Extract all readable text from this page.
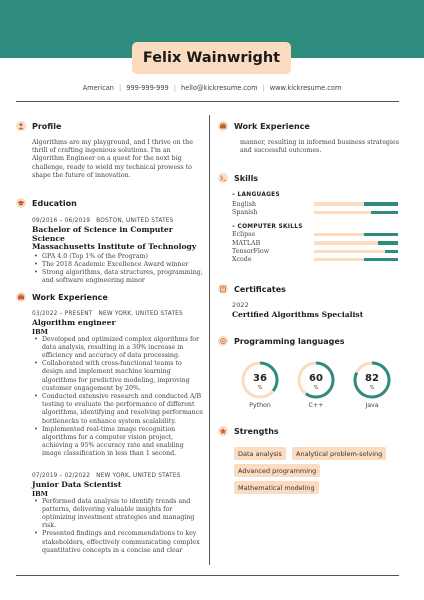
Felix Wainwright
American | 999-999-999 | hello@kickresume.com | www.kickresume.com
Profile
Algorithms are my playground, and I thrive on the thrill of crafting ingenious solutions. I'm an Algorithm Engineer on a quest for the next big challenge, ready to wield my technical prowess to shape the future of innovation.
Education
09/2016 – 06/2019 BOSTON, UNITED STATES
Bachelor of Science in Computer Science
Massachusetts Institute of Technology
• GPA 4.0 (Top 1% of the Program)
• The 2018 Academic Excellence Award winner
• Strong algorithms, data structures, programming, and software engineering minor
Work Experience
03/2022 – PRESENT NEW YORK, UNITED STATES
Algorithm engineer
IBM
• Developed and optimized complex algorithms for data analysis, resulting in a 30% increase in efficiency and accuracy of data processing.
• Collaborated with cross-functional teams to design and implement machine learning algorithms for predictive modeling, improving customer engagement by 20%.
• Conducted extensive research and conducted A/B testing to evaluate the performance of different algorithms, identifying and resolving performance bottlenecks to enhance system scalability.
• Implemented real-time image recognition algorithms for a computer vision project, achieving a 95% accuracy rate and enabling image classification in less than 1 second.
07/2019 – 02/2022 NEW YORK, UNITED STATES
Junior Data Scientist
IBM
• Performed data analysis to identify trends and patterns, delivering valuable insights for optimizing investment strategies and managing risk.
• Presented findings and recommendations to key stakeholders, effectively communicating complex quantitative concepts in a concise and clear
Work Experience
manner, resulting in informed business strategies and successful outcomes.
Skills
– LANGUAGES
English
Spanish
– COMPUTER SKILLS
Eclipse
MATLAB
TensorFlow
Xcode
Certificates
2022
Certified Algorithms Specialist
Programming languages
36
%
Python
60
%
C++
82
%
Java
Strengths
Data analysis	Analytical problem-solving
Advanced programming
Mathematical modeling
